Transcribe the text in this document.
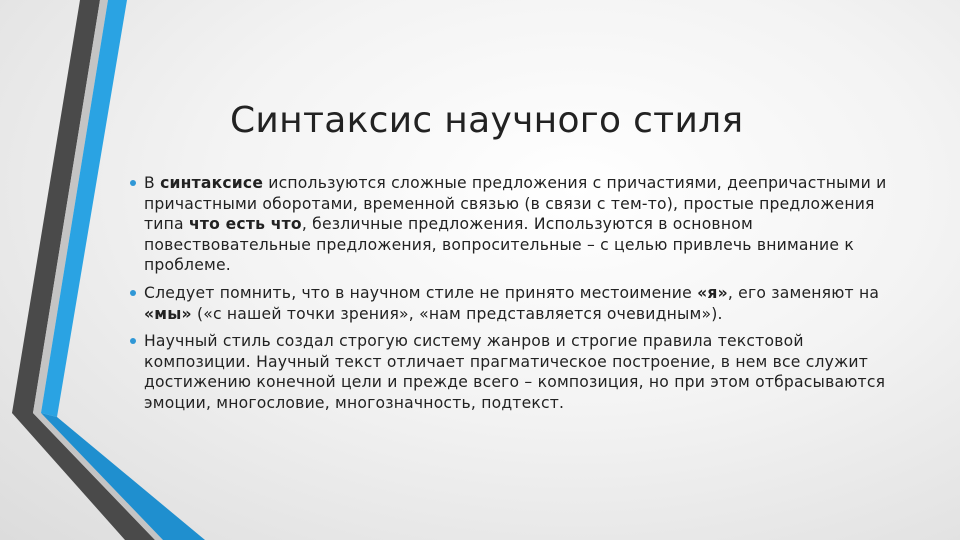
Синтаксис научного стиля
В синтаксисе используются сложные предложения с причастиями, деепричастными и причастными оборотами, временной связью (в связи с тем-то), простые предложения типа что есть что, безличные предложения. Используются в основном повествовательные предложения, вопросительные – с целью привлечь внимание к проблеме.
Следует помнить, что в научном стиле не принято местоимение «я», его заменяют на «мы» («с нашей точки зрения», «нам представляется очевидным»).
Научный стиль создал строгую систему жанров и строгие правила текстовой композиции. Научный текст отличает прагматическое построение, в нем все служит достижению конечной цели и прежде всего – композиция, но при этом отбрасываются эмоции, многословие, многозначность, подтекст.
